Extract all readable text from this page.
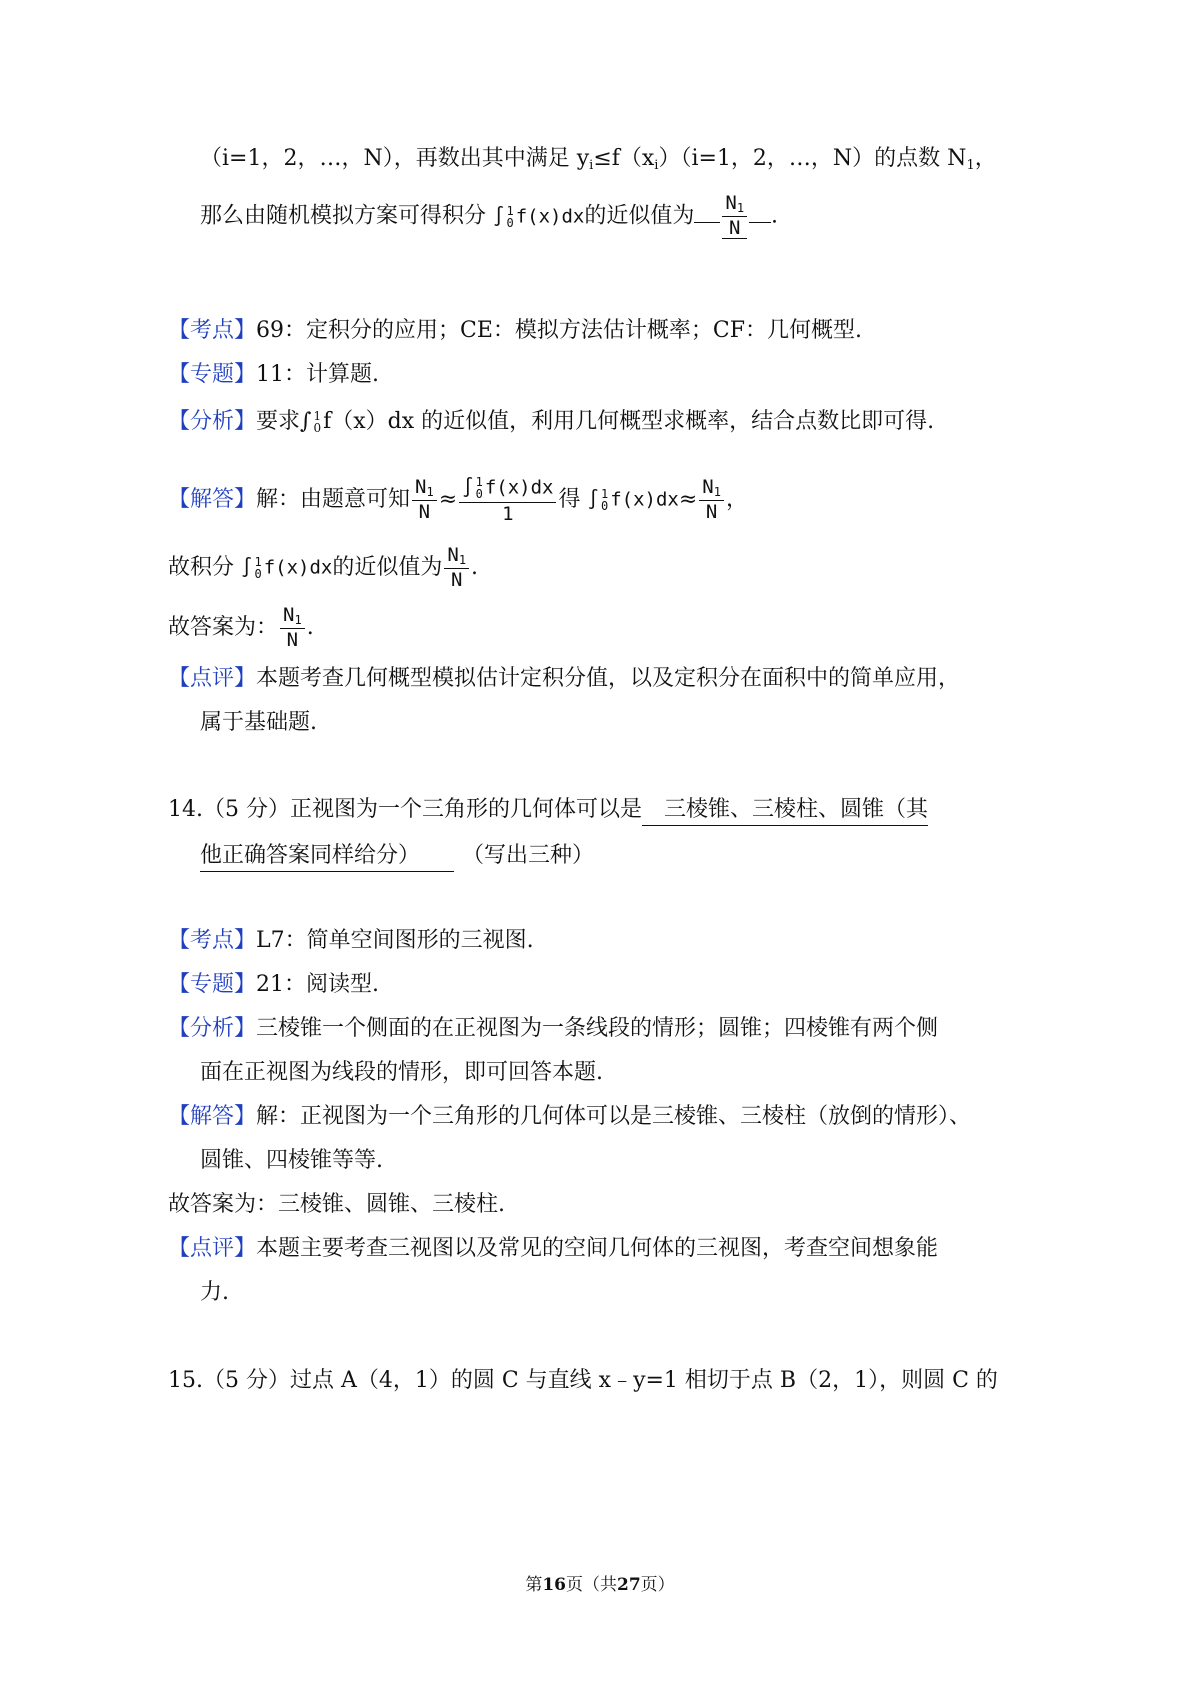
（i=1，2，…，N），再数出其中满足 $y_i\le f(x_i)(i=1$，2，…，N）的点数 $N_1$，
那么由随机模拟方案可得积分 ∫ 1
0 f(x)dx的近似值为 $\frac{N1}{N}$ .
【考点】69：定积分的应用；CE：模拟方法估计概率；CF：几何概型.
【专题】11：计算题.
【分析】要求∫ 1
0f（x）dx 的近似值，利用几何概型求概率，结合点数比即可得.
【解答】解：由题意可知 $\frac{N1}{N}$ ≈ ∫ 1
0 f(x)dx
1
得 ∫ 1
0 $f(x)dx\approx \frac{N1}{N}$ ，
故积分 ∫ 1
0 f(x)dx的近似值为 $\frac{N1}{N}$ .
故答案为： $\frac{N1}{N}$ .
【点评】本题考查几何概型模拟估计定积分值，以及定积分在面积中的简单应用，
属于基础题.
14.（5 分）正视图为一个三角形的几何体可以是 三棱锥、三棱柱、圆锥（其
他正确答案同样给分） （写出三种）
【考点】L7：简单空间图形的三视图.
【专题】21：阅读型.
【分析】三棱锥一个侧面的在正视图为一条线段的情形；圆锥；四棱锥有两个侧
面在正视图为线段的情形，即可回答本题.
【解答】解：正视图为一个三角形的几何体可以是三棱锥、三棱柱（放倒的情形）、
圆锥、四棱锥等等.
故答案为：三棱锥、圆锥、三棱柱.
【点评】本题主要考查三视图以及常见的空间几何体的三视图，考查空间想象能
力.
15.（5 分）过点 A（4，1）的圆 C 与直线 x﹣y=1 相切于点 B（2，1），则圆 C 的
第16页（共27页）
